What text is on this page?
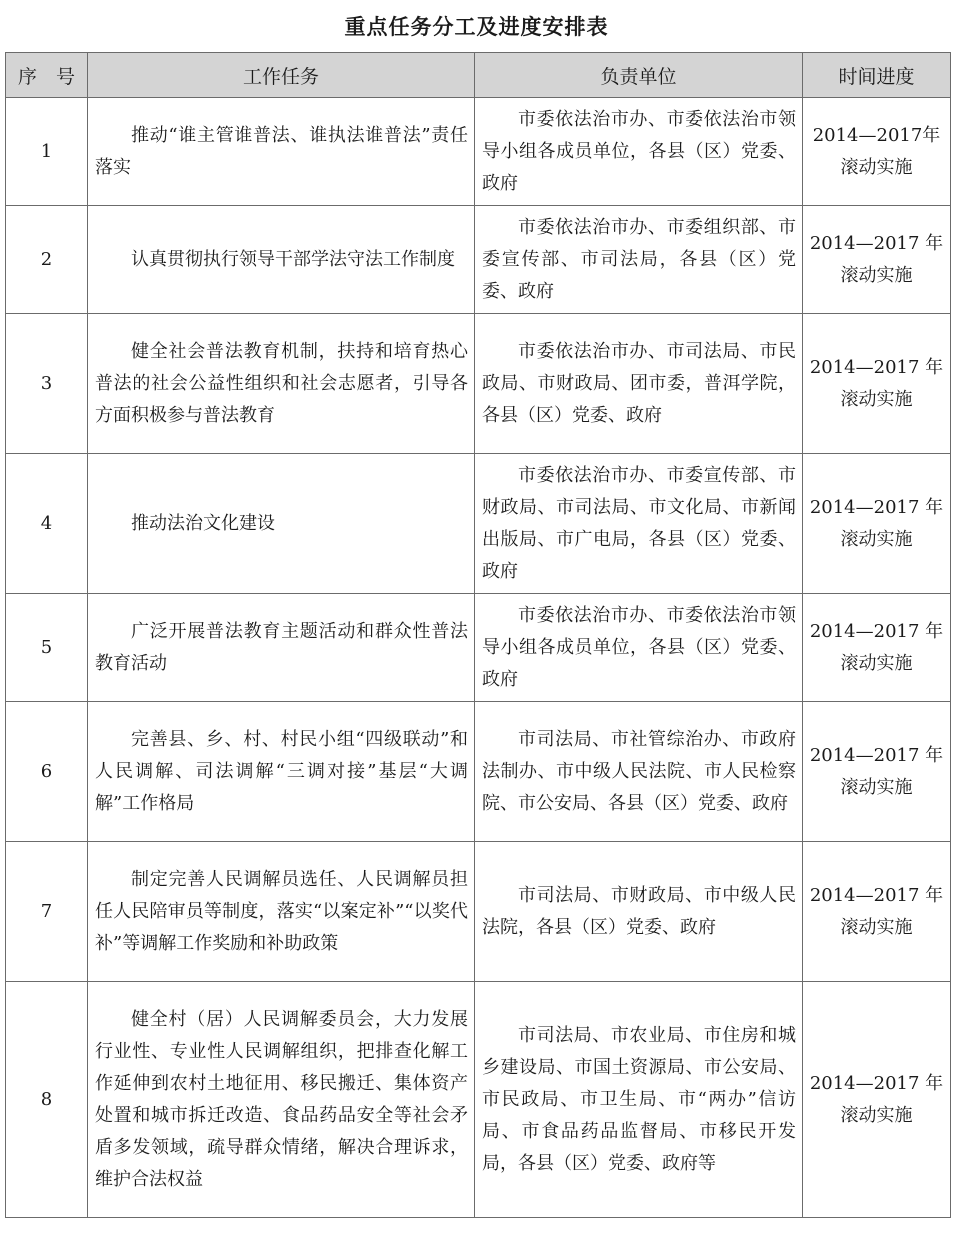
重点任务分工及进度安排表
序　号	工作任务	负责单位	时间进度
1	推动“谁主管谁普法、谁执法谁普法”责任落实	市委依法治市办、市委依法治市领导小组各成员单位，各县（区）党委、政府	2014—2017年滚动实施
2	认真贯彻执行领导干部学法守法工作制度	市委依法治市办、市委组织部、市委宣传部、市司法局，各县（区）党委、政府	2014—2017 年滚动实施
3	健全社会普法教育机制，扶持和培育热心普法的社会公益性组织和社会志愿者，引导各方面积极参与普法教育	市委依法治市办、市司法局、市民政局、市财政局、团市委，普洱学院，各县（区）党委、政府	2014—2017 年滚动实施
4	推动法治文化建设	市委依法治市办、市委宣传部、市财政局、市司法局、市文化局、市新闻出版局、市广电局，各县（区）党委、政府	2014—2017 年滚动实施
5	广泛开展普法教育主题活动和群众性普法教育活动	市委依法治市办、市委依法治市领导小组各成员单位，各县（区）党委、政府	2014—2017 年滚动实施
6	完善县、乡、村、村民小组“四级联动”和人民调解、司法调解“三调对接”基层“大调解”工作格局	市司法局、市社管综治办、市政府法制办、市中级人民法院、市人民检察院、市公安局、各县（区）党委、政府	2014—2017 年滚动实施
7	制定完善人民调解员选任、人民调解员担任人民陪审员等制度，落实“以案定补”“以奖代补”等调解工作奖励和补助政策	市司法局、市财政局、市中级人民法院，各县（区）党委、政府	2014—2017 年滚动实施
8	健全村（居）人民调解委员会，大力发展行业性、专业性人民调解组织，把排查化解工作延伸到农村土地征用、移民搬迁、集体资产处置和城市拆迁改造、食品药品安全等社会矛盾多发领域，疏导群众情绪，解决合理诉求，维护合法权益	市司法局、市农业局、市住房和城乡建设局、市国土资源局、市公安局、市民政局、市卫生局、市“两办”信访局、市食品药品监督局、市移民开发局，各县（区）党委、政府等	2014—2017 年滚动实施
